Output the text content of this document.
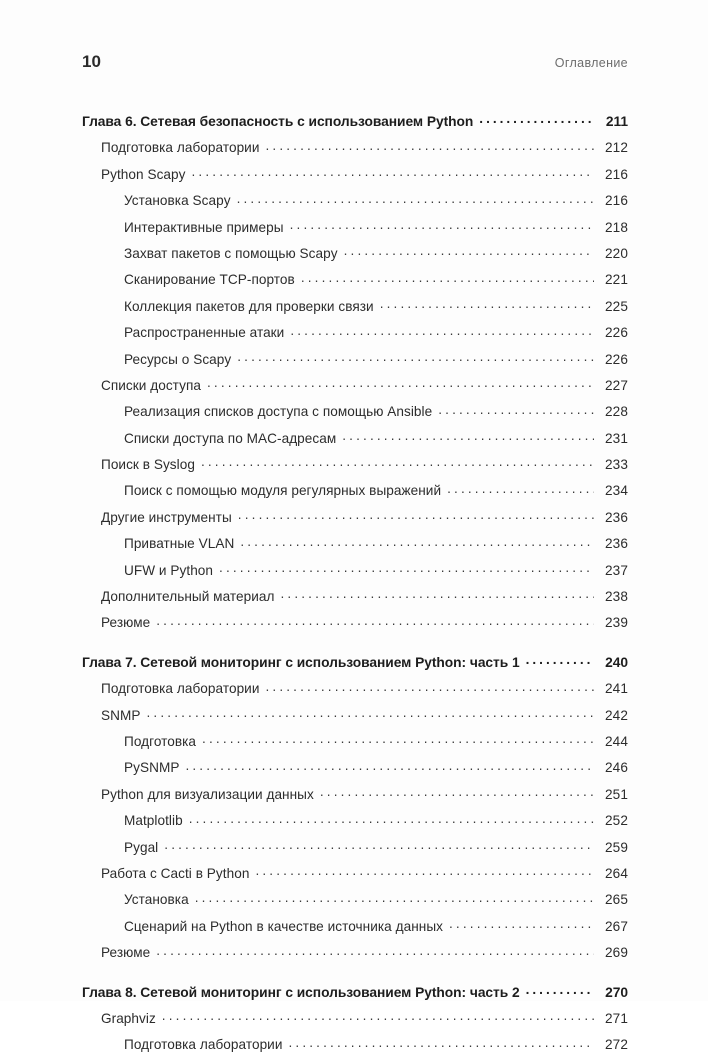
10	Оглавление
Глава 6. Сетевая безопасность с использованием Python .....	211
Подготовка лаборатории .....	212
Python Scapy .....	216
Установка Scapy .....	216
Интерактивные примеры .....	218
Захват пакетов с помощью Scapy .....	220
Сканирование TCP-портов .....	221
Коллекция пакетов для проверки связи .....	225
Распространенные атаки .....	226
Ресурсы о Scapy .....	226
Списки доступа .....	227
Реализация списков доступа с помощью Ansible .....	228
Списки доступа по MAC-адресам .....	231
Поиск в Syslog .....	233
Поиск с помощью модуля регулярных выражений .....	234
Другие инструменты .....	236
Приватные VLAN .....	236
UFW и Python .....	237
Дополнительный материал .....	238
Резюме .....	239
Глава 7. Сетевой мониторинг с использованием Python: часть 1 .....	240
Подготовка лаборатории .....	241
SNMP .....	242
Подготовка .....	244
PySNMP .....	246
Python для визуализации данных .....	251
Matplotlib .....	252
Pygal .....	259
Работа с Cacti в Python .....	264
Установка .....	265
Сценарий на Python в качестве источника данных .....	267
Резюме .....	269
Глава 8. Сетевой мониторинг с использованием Python: часть 2 .....	270
Graphviz .....	271
Подготовка лаборатории .....	272
